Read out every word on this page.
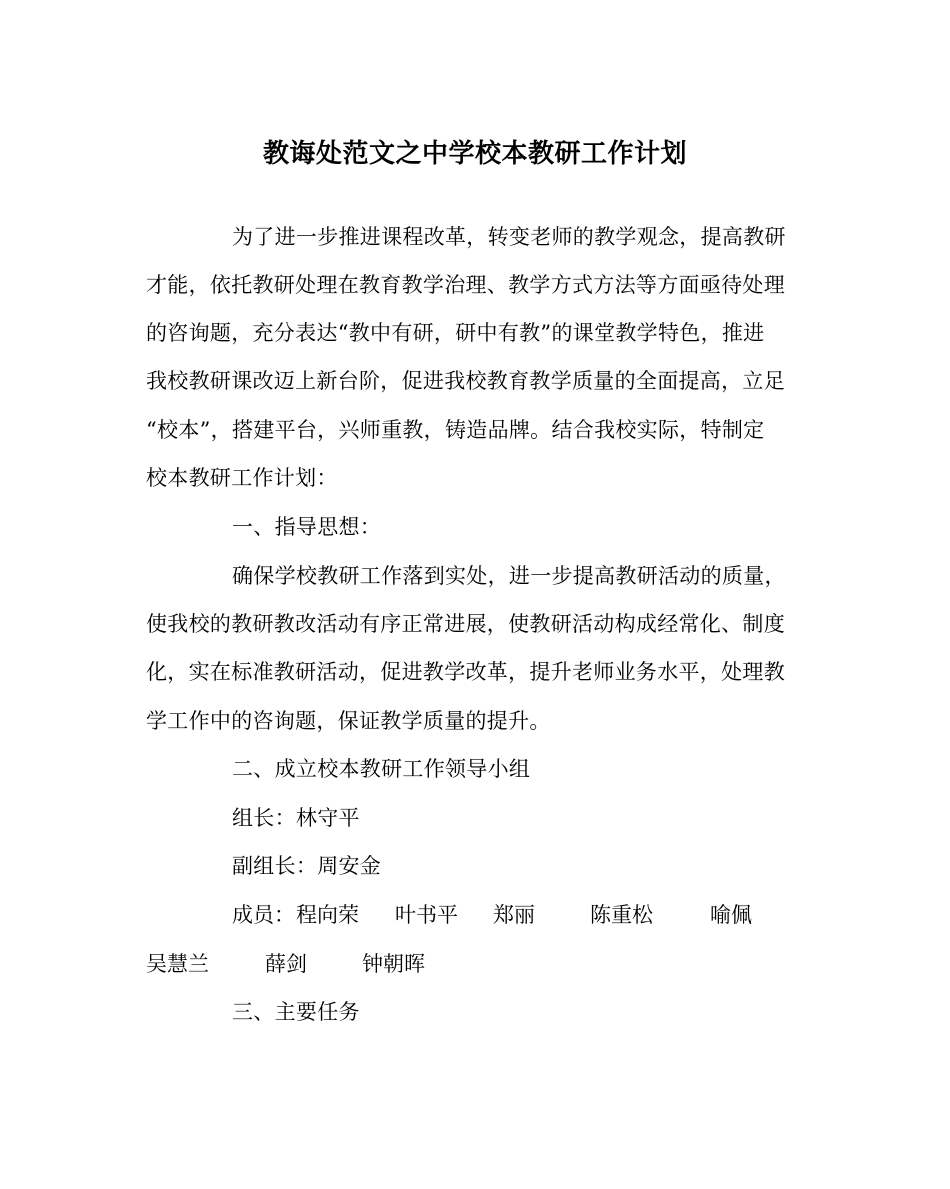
教诲处范文之中学校本教研工作计划
为了进一步推进课程改革，转变老师的教学观念，提高教研
才能，依托教研处理在教育教学治理、教学方式方法等方面亟待处理
的咨询题，充分表达“教中有研，研中有教”的课堂教学特色，推进
我校教研课改迈上新台阶，促进我校教育教学质量的全面提高，立足
“校本”，搭建平台，兴师重教，铸造品牌。结合我校实际，特制定
校本教研工作计划：
一、指导思想：
确保学校教研工作落到实处，进一步提高教研活动的质量，
使我校的教研教改活动有序正常进展，使教研活动构成经常化、制度
化，实在标准教研活动，促进教学改革，提升老师业务水平，处理教
学工作中的咨询题，保证教学质量的提升。
二、成立校本教研工作领导小组
组长：林守平
副组长：周安金
成员： 程向荣 叶书平 郑丽	陈重松	喻佩
吴慧兰	薛剑	钟朝晖
三、主要任务
